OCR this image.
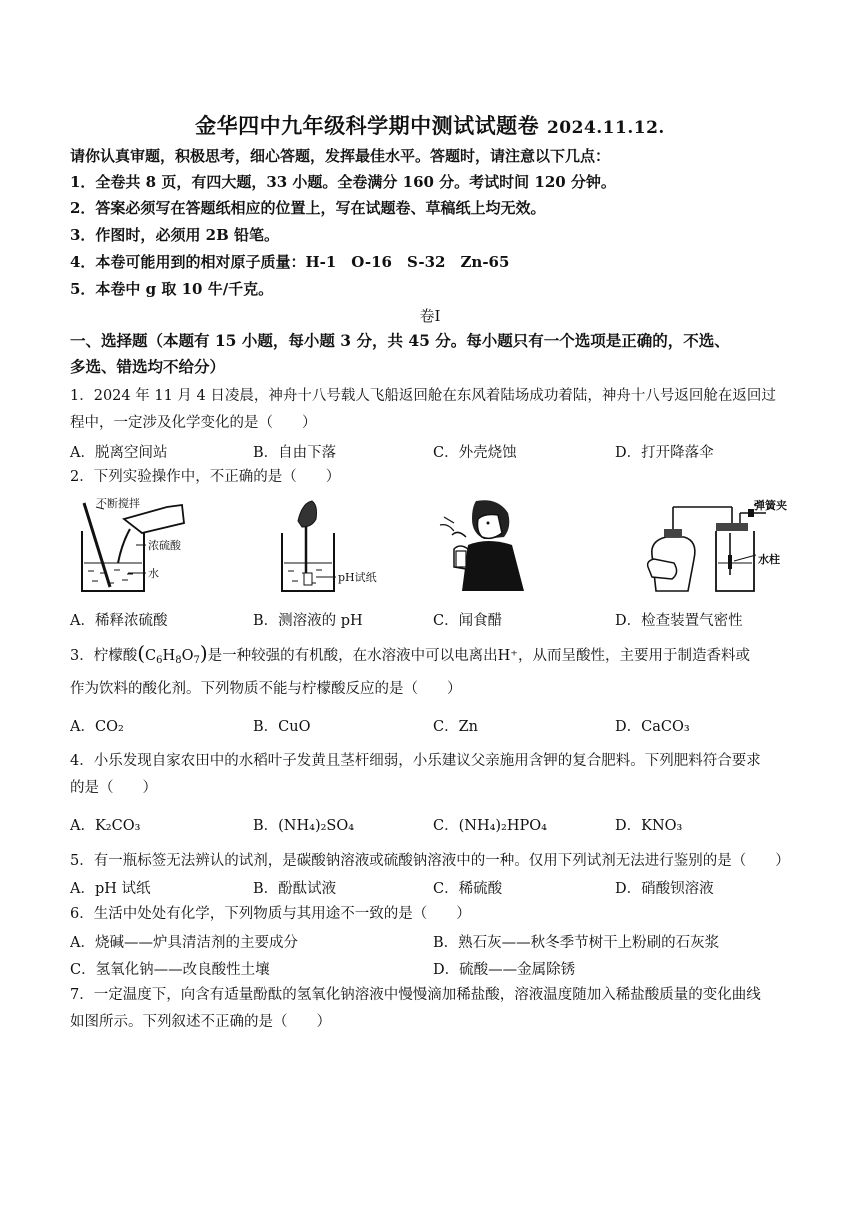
金华四中九年级科学期中测试试题卷 2024.11.12.
请你认真审题，积极思考，细心答题，发挥最佳水平。答题时，请注意以下几点：
1．全卷共 8 页，有四大题，33 小题。全卷满分 160 分。考试时间 120 分钟。
2．答案必须写在答题纸相应的位置上，写在试题卷、草稿纸上均无效。
3．作图时，必须用 2B 铅笔。
4．本卷可能用到的相对原子质量：H-1　O-16　S-32　Zn-65
5．本卷中 g 取 10 牛/千克。
卷Ⅰ
一、选择题（本题有 15 小题，每小题 3 分，共 45 分。每小题只有一个选项是正确的，不选、
多选、错选均不给分）
1．2024 年 11 月 4 日凌晨，神舟十八号载人飞船返回舱在东风着陆场成功着陆，神舟十八号返回舱在返回过
程中，一定涉及化学变化的是（　　）
A．脱离空间站	B．自由下落	C．外壳烧蚀	D．打开降落伞
2．下列实验操作中，不正确的是（　　）
不断搅拌
浓硫酸
水	pH试纸
弹簧夹
水柱
A．稀释浓硫酸	B．测溶液的 pH	C．闻食醋	D．检查装置气密性
3．柠檬酸$(C_6H_8O_7)$是一种较强的有机酸，在水溶液中可以电离出H⁺，从而呈酸性，主要用于制造香料或
作为饮料的酸化剂。下列物质不能与柠檬酸反应的是（　　）
A．CO₂	B．CuO	C．Zn	D．CaCO₃
4．小乐发现自家农田中的水稻叶子发黄且茎杆细弱，小乐建议父亲施用含钾的复合肥料。下列肥料符合要求
的是（　　）
A．K₂CO₃	B．(NH₄)₂SO₄	C．(NH₄)₂HPO₄	D．KNO₃
5．有一瓶标签无法辨认的试剂，是碳酸钠溶液或硫酸钠溶液中的一种。仅用下列试剂无法进行鉴别的是（　　）
A．pH 试纸	B．酚酞试液	C．稀硫酸	D．硝酸钡溶液
6．生活中处处有化学，下列物质与其用途不一致的是（　　）
A．烧碱——炉具清洁剂的主要成分	B．熟石灰——秋冬季节树干上粉刷的石灰浆
C．氢氧化钠——改良酸性土壤	D．硫酸——金属除锈
7．一定温度下，向含有适量酚酞的氢氧化钠溶液中慢慢滴加稀盐酸，溶液温度随加入稀盐酸质量的变化曲线
如图所示。下列叙述不正确的是（　　）
